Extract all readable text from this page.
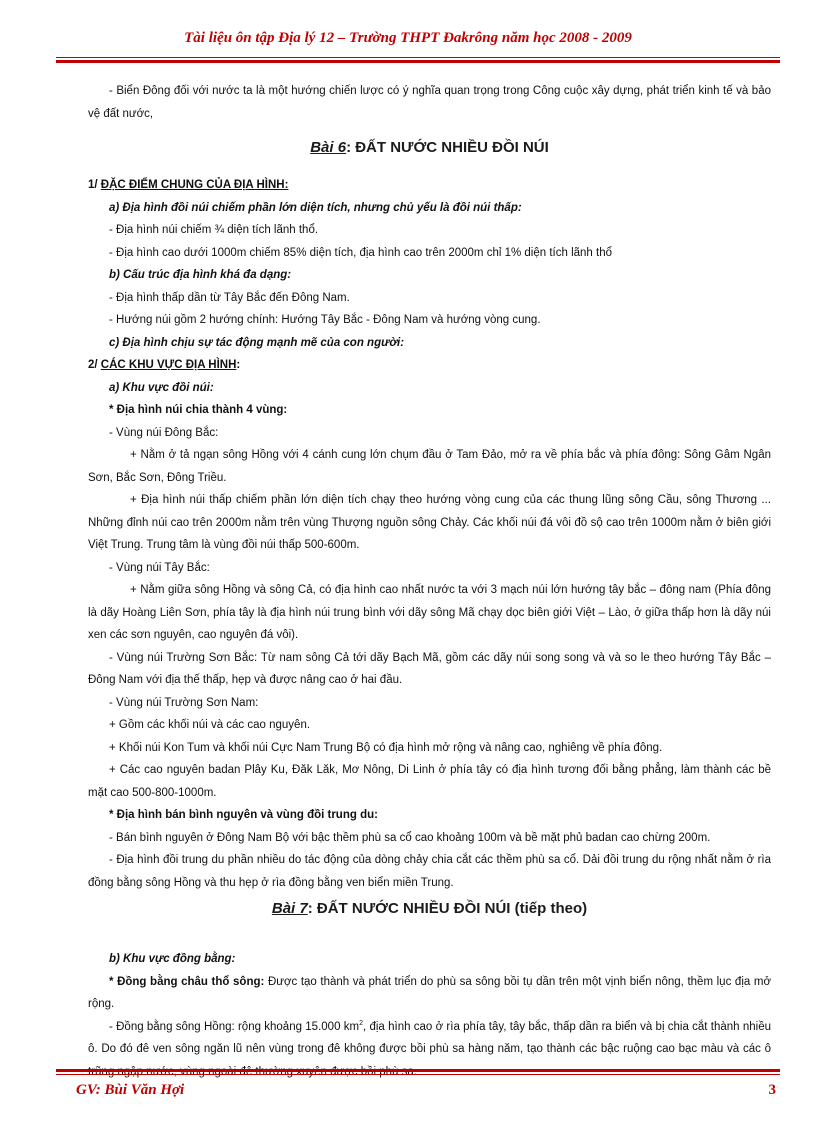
Tài liệu ôn tập Địa lý 12 – Trường THPT Đakrông năm học 2008 - 2009

- Biển Đông đối với nước ta là một hướng chiến lược có ý nghĩa quan trọng trong Công cuộc xây dựng, phát triển kinh tế và bảo vệ đất nước,

Bài 6: ĐẤT NƯỚC NHIỀU ĐỒI NÚI

1/ ĐẶC ĐIỂM CHUNG CỦA ĐỊA HÌNH:

a) Địa hình đồi núi chiếm phần lớn diện tích, nhưng chủ yếu là đồi núi thấp:

- Địa hình núi chiếm ¾ diện tích lãnh thổ.

- Địa hình cao dưới 1000m chiếm 85% diện tích, địa hình cao trên 2000m chỉ 1% diện tích lãnh thổ

b) Cấu trúc địa hình khá đa dạng:

- Địa hình thấp dần từ Tây Bắc đến Đông Nam.

- Hướng núi gồm 2 hướng chính: Hướng Tây Bắc - Đông Nam và hướng vòng cung.

c) Địa hình chịu sự tác động mạnh mẽ của con người:

2/ CÁC KHU VỰC ĐỊA HÌNH:

a) Khu vực đồi núi:

* Địa hình núi chia thành 4 vùng:

- Vùng núi Đông Bắc:

+ Nằm ở tả ngạn sông Hồng với 4 cánh cung lớn chụm đầu ở Tam Đảo, mở ra về phía bắc và phía đông: Sông Gâm Ngân Sơn, Bắc Sơn, Đông Triều.

+ Địa hình núi thấp chiếm phần lớn diện tích chạy theo hướng vòng cung của các thung lũng sông Cầu, sông Thương ... Những đỉnh núi cao trên 2000m nằm trên vùng Thượng nguồn sông Chảy. Các khối núi đá vôi đồ sộ cao trên 1000m nằm ở biên giới Việt Trung. Trung tâm là vùng đồi núi thấp 500-600m.

- Vùng núi Tây Bắc:

+ Nằm giữa sông Hồng và sông Cả, có địa hình cao nhất nước ta với 3 mạch núi lớn hướng tây bắc – đông nam (Phía đông là dãy Hoàng Liên Sơn, phía tây là địa hình núi trung bình với dãy sông Mã chạy dọc biên giới Việt – Lào, ở giữa thấp hơn là dãy núi xen các sơn nguyên, cao nguyên đá vôi).

- Vùng núi Trường Sơn Bắc: Từ nam sông Cả tới dãy Bạch Mã, gồm các dãy núi song song và và so le theo hướng Tây Bắc – Đông Nam với địa thế thấp, hẹp và được nâng cao ở hai đầu.

- Vùng núi Trường Sơn Nam:

+ Gồm các khối núi và các cao nguyên.

+ Khối núi Kon Tum và khối núi Cực Nam Trung Bộ có địa hình mở rộng và nâng cao, nghiêng về phía đông.

+ Các cao nguyên badan Plây Ku, Đăk Lăk, Mơ Nông, Di Linh ở phía tây có địa hình tương đối bằng phẳng, làm thành các bề mặt cao 500-800-1000m.

* Địa hình bán bình nguyên và vùng đồi trung du:

- Bán bình nguyên ở Đông Nam Bộ với bậc thềm phù sa cổ cao khoảng 100m và bề mặt phủ badan cao chừng 200m.

- Địa hình đồi trung du phần nhiều do tác động của dòng chảy chia cắt các thềm phù sa cổ. Dải đồi trung du rộng nhất nằm ở rìa đồng bằng sông Hồng và thu hẹp ở rìa đồng bằng ven biển miền Trung.

Bài 7: ĐẤT NƯỚC NHIỀU ĐỒI NÚI (tiếp theo)

b) Khu vực đồng bằng:

* Đồng bằng châu thổ sông: Được tạo thành và phát triển do phù sa sông bồi tụ dần trên một vịnh biển nông, thềm lục địa mở rộng.

- Đồng bằng sông Hồng: rộng khoảng 15.000 $km^2$, địa hình cao ở rìa phía tây, tây bắc, thấp dần ra biển và bị chia cắt thành nhiều ô. Do đó đê ven sông ngăn lũ nên vùng trong đê không được bồi phù sa hàng năm, tạo thành các bậc ruộng cao bạc màu và các ô trũng ngập nước, vùng ngoài đê thường xuyên được bồi phù sa.

GV: Bùi Văn Hợi	3
